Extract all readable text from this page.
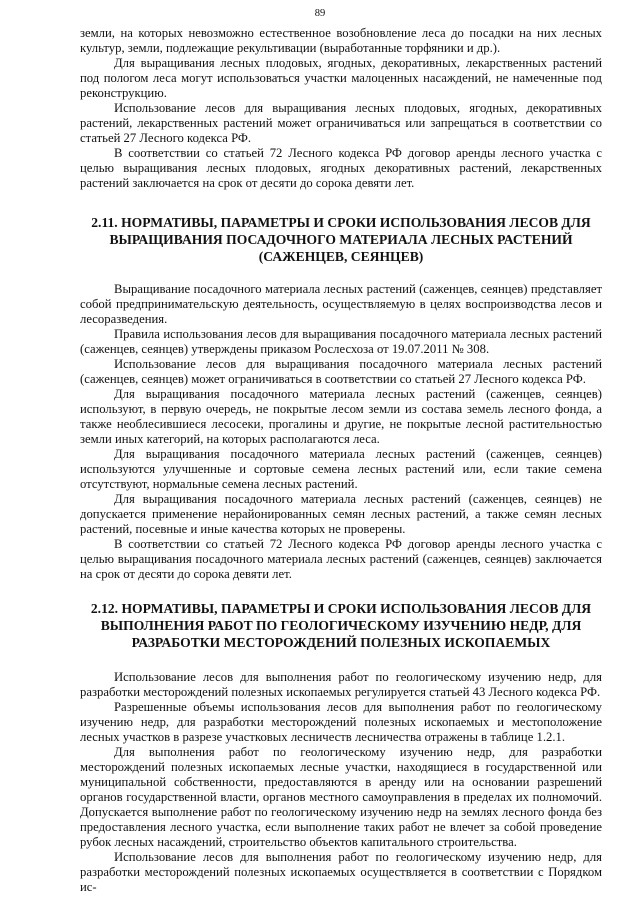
89

земли, на которых невозможно естественное возобновление леса до посадки на них лесных культур, земли, подлежащие рекультивации (выработанные торфяники и др.).

Для выращивания лесных плодовых, ягодных, декоративных, лекарственных растений под пологом леса могут использоваться участки малоценных насаждений, не намеченные под реконструкцию.

Использование лесов для выращивания лесных плодовых, ягодных, декоративных растений, лекарственных растений может ограничиваться или запрещаться в соответствии со статьей 27 Лесного кодекса РФ.

В соответствии со статьей 72 Лесного кодекса РФ договор аренды лесного участка с целью выращивания лесных плодовых, ягодных декоративных растений, лекарственных растений заключается на срок от десяти до сорока девяти лет.

2.11. НОРМАТИВЫ, ПАРАМЕТРЫ И СРОКИ ИСПОЛЬЗОВАНИЯ ЛЕСОВ ДЛЯ ВЫРАЩИВАНИЯ ПОСАДОЧНОГО МАТЕРИАЛА ЛЕСНЫХ РАСТЕНИЙ (САЖЕНЦЕВ, СЕЯНЦЕВ)

Выращивание посадочного материала лесных растений (саженцев, сеянцев) представляет собой предпринимательскую деятельность, осуществляемую в целях воспроизводства лесов и лесоразведения.

Правила использования лесов для выращивания посадочного материала лесных растений (саженцев, сеянцев) утверждены приказом Рослесхоза от 19.07.2011 № 308.

Использование лесов для выращивания посадочного материала лесных растений (саженцев, сеянцев) может ограничиваться в соответствии со статьей 27 Лесного кодекса РФ.

Для выращивания посадочного материала лесных растений (саженцев, сеянцев) используют, в первую очередь, не покрытые лесом земли из состава земель лесного фонда, а также необлесившиеся лесосеки, прогалины и другие, не покрытые лесной растительностью земли иных категорий, на которых располагаются леса.

Для выращивания посадочного материала лесных растений (саженцев, сеянцев) используются улучшенные и сортовые семена лесных растений или, если такие семена отсутствуют, нормальные семена лесных растений.

Для выращивания посадочного материала лесных растений (саженцев, сеянцев) не допускается применение нерайонированных семян лесных растений, а также семян лесных растений, посевные и иные качества которых не проверены.

В соответствии со статьей 72 Лесного кодекса РФ договор аренды лесного участка с целью выращивания посадочного материала лесных растений (саженцев, сеянцев) заключается на срок от десяти до сорока девяти лет.

2.12. НОРМАТИВЫ, ПАРАМЕТРЫ И СРОКИ ИСПОЛЬЗОВАНИЯ ЛЕСОВ ДЛЯ ВЫПОЛНЕНИЯ РАБОТ ПО ГЕОЛОГИЧЕСКОМУ ИЗУЧЕНИЮ НЕДР, ДЛЯ РАЗРАБОТКИ МЕСТОРОЖДЕНИЙ ПОЛЕЗНЫХ ИСКОПАЕМЫХ

Использование лесов для выполнения работ по геологическому изучению недр, для разработки месторождений полезных ископаемых регулируется статьей 43 Лесного кодекса РФ.

Разрешенные объемы использования лесов для выполнения работ по геологическому изучению недр, для разработки месторождений полезных ископаемых и местоположение лесных участков в разрезе участковых лесничеств лесничества отражены в таблице 1.2.1.

Для выполнения работ по геологическому изучению недр, для разработки месторождений полезных ископаемых лесные участки, находящиеся в государственной или муниципальной собственности, предоставляются в аренду или на основании разрешений органов государственной власти, органов местного самоуправления в пределах их полномочий. Допускается выполнение работ по геологическому изучению недр на землях лесного фонда без предоставления лесного участка, если выполнение таких работ не влечет за собой проведение рубок лесных насаждений, строительство объектов капитального строительства.

Использование лесов для выполнения работ по геологическому изучению недр, для разработки месторождений полезных ископаемых осуществляется в соответствии с Порядком ис-
